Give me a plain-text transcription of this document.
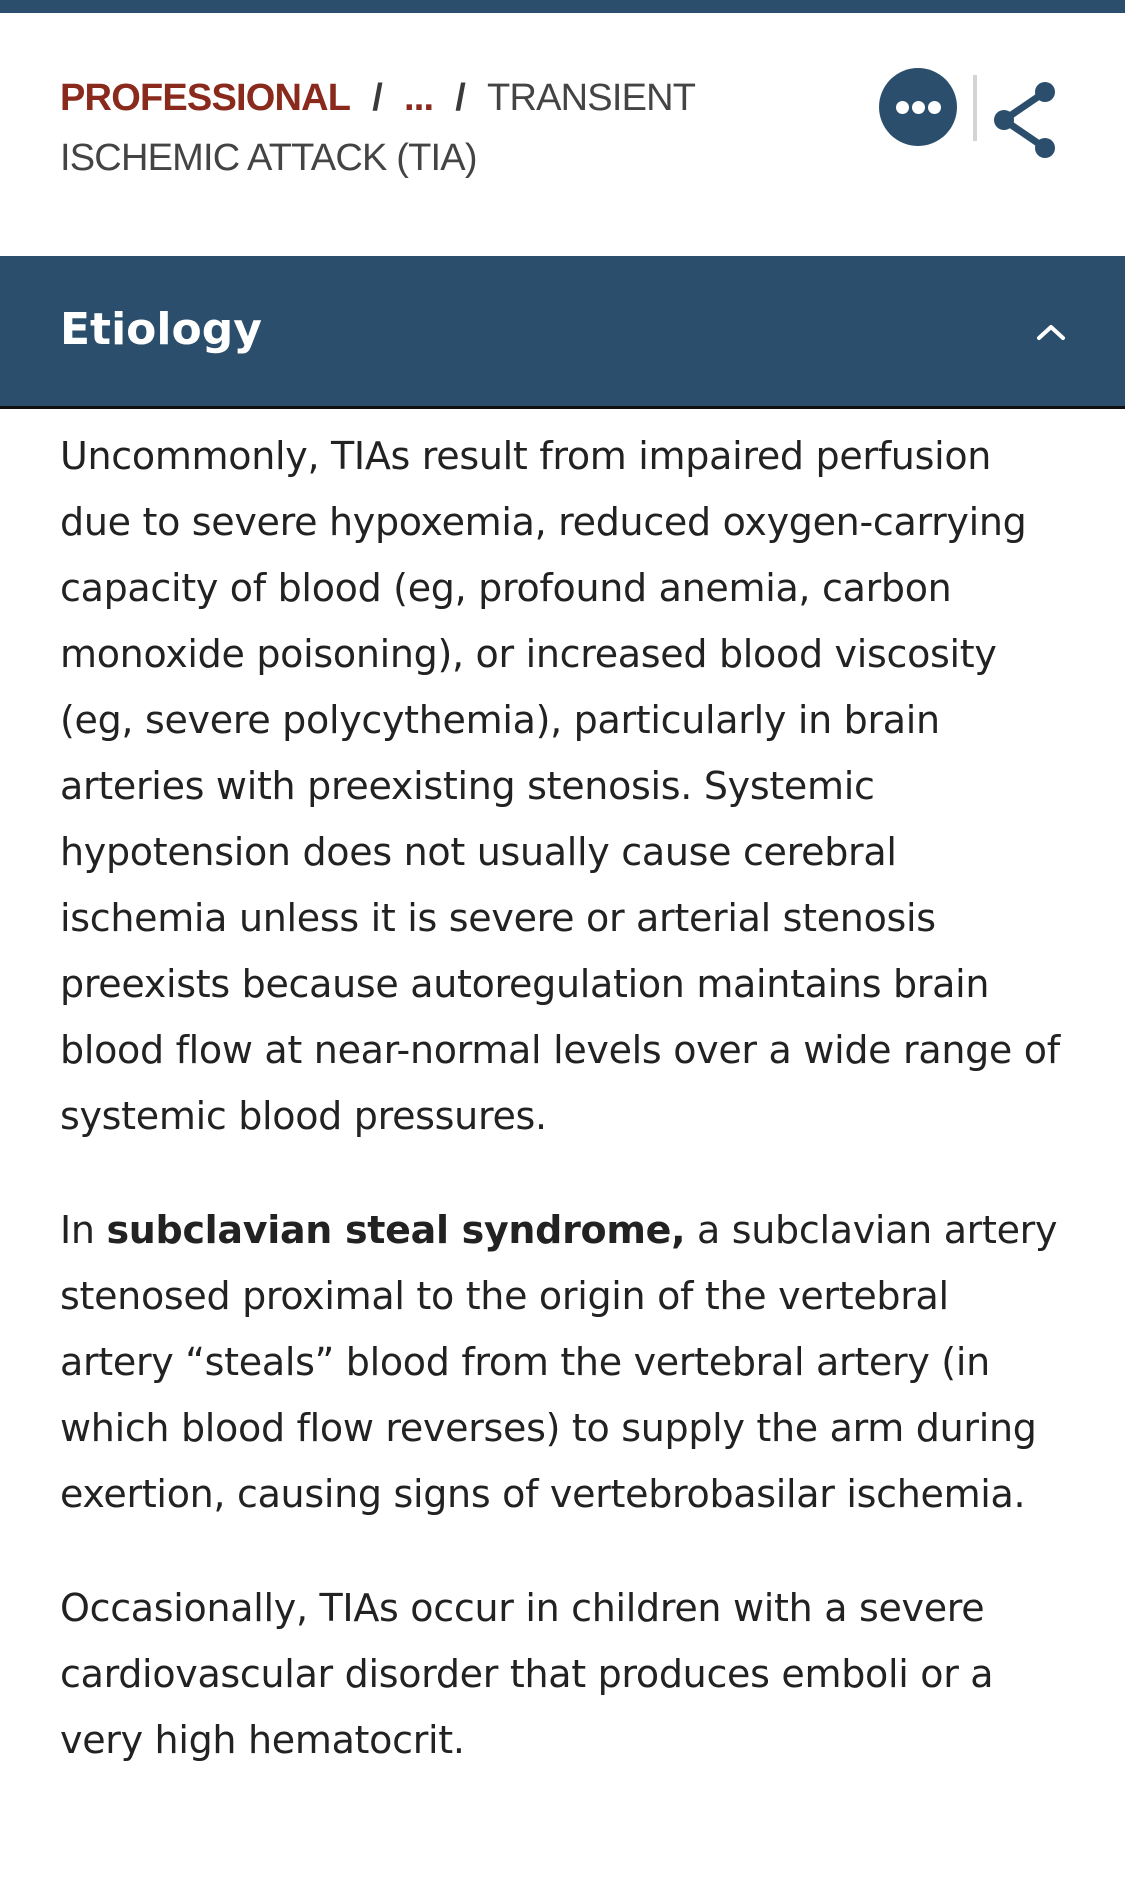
PROFESSIONAL / ... / TRANSIENT ISCHEMIC ATTACK (TIA)
Etiology

Uncommonly, TIAs result from impaired perfusion due to severe hypoxemia, reduced oxygen-carrying capacity of blood (eg, profound anemia, carbon monoxide poisoning), or increased blood viscosity (eg, severe polycythemia), particularly in brain arteries with preexisting stenosis. Systemic hypotension does not usually cause cerebral ischemia unless it is severe or arterial stenosis preexists because autoregulation maintains brain blood flow at near-normal levels over a wide range of systemic blood pressures.

In subclavian steal syndrome, a subclavian artery stenosed proximal to the origin of the vertebral artery “steals” blood from the vertebral artery (in which blood flow reverses) to supply the arm during exertion, causing signs of vertebrobasilar ischemia.

Occasionally, TIAs occur in children with a severe cardiovascular disorder that produces emboli or a very high hematocrit.
